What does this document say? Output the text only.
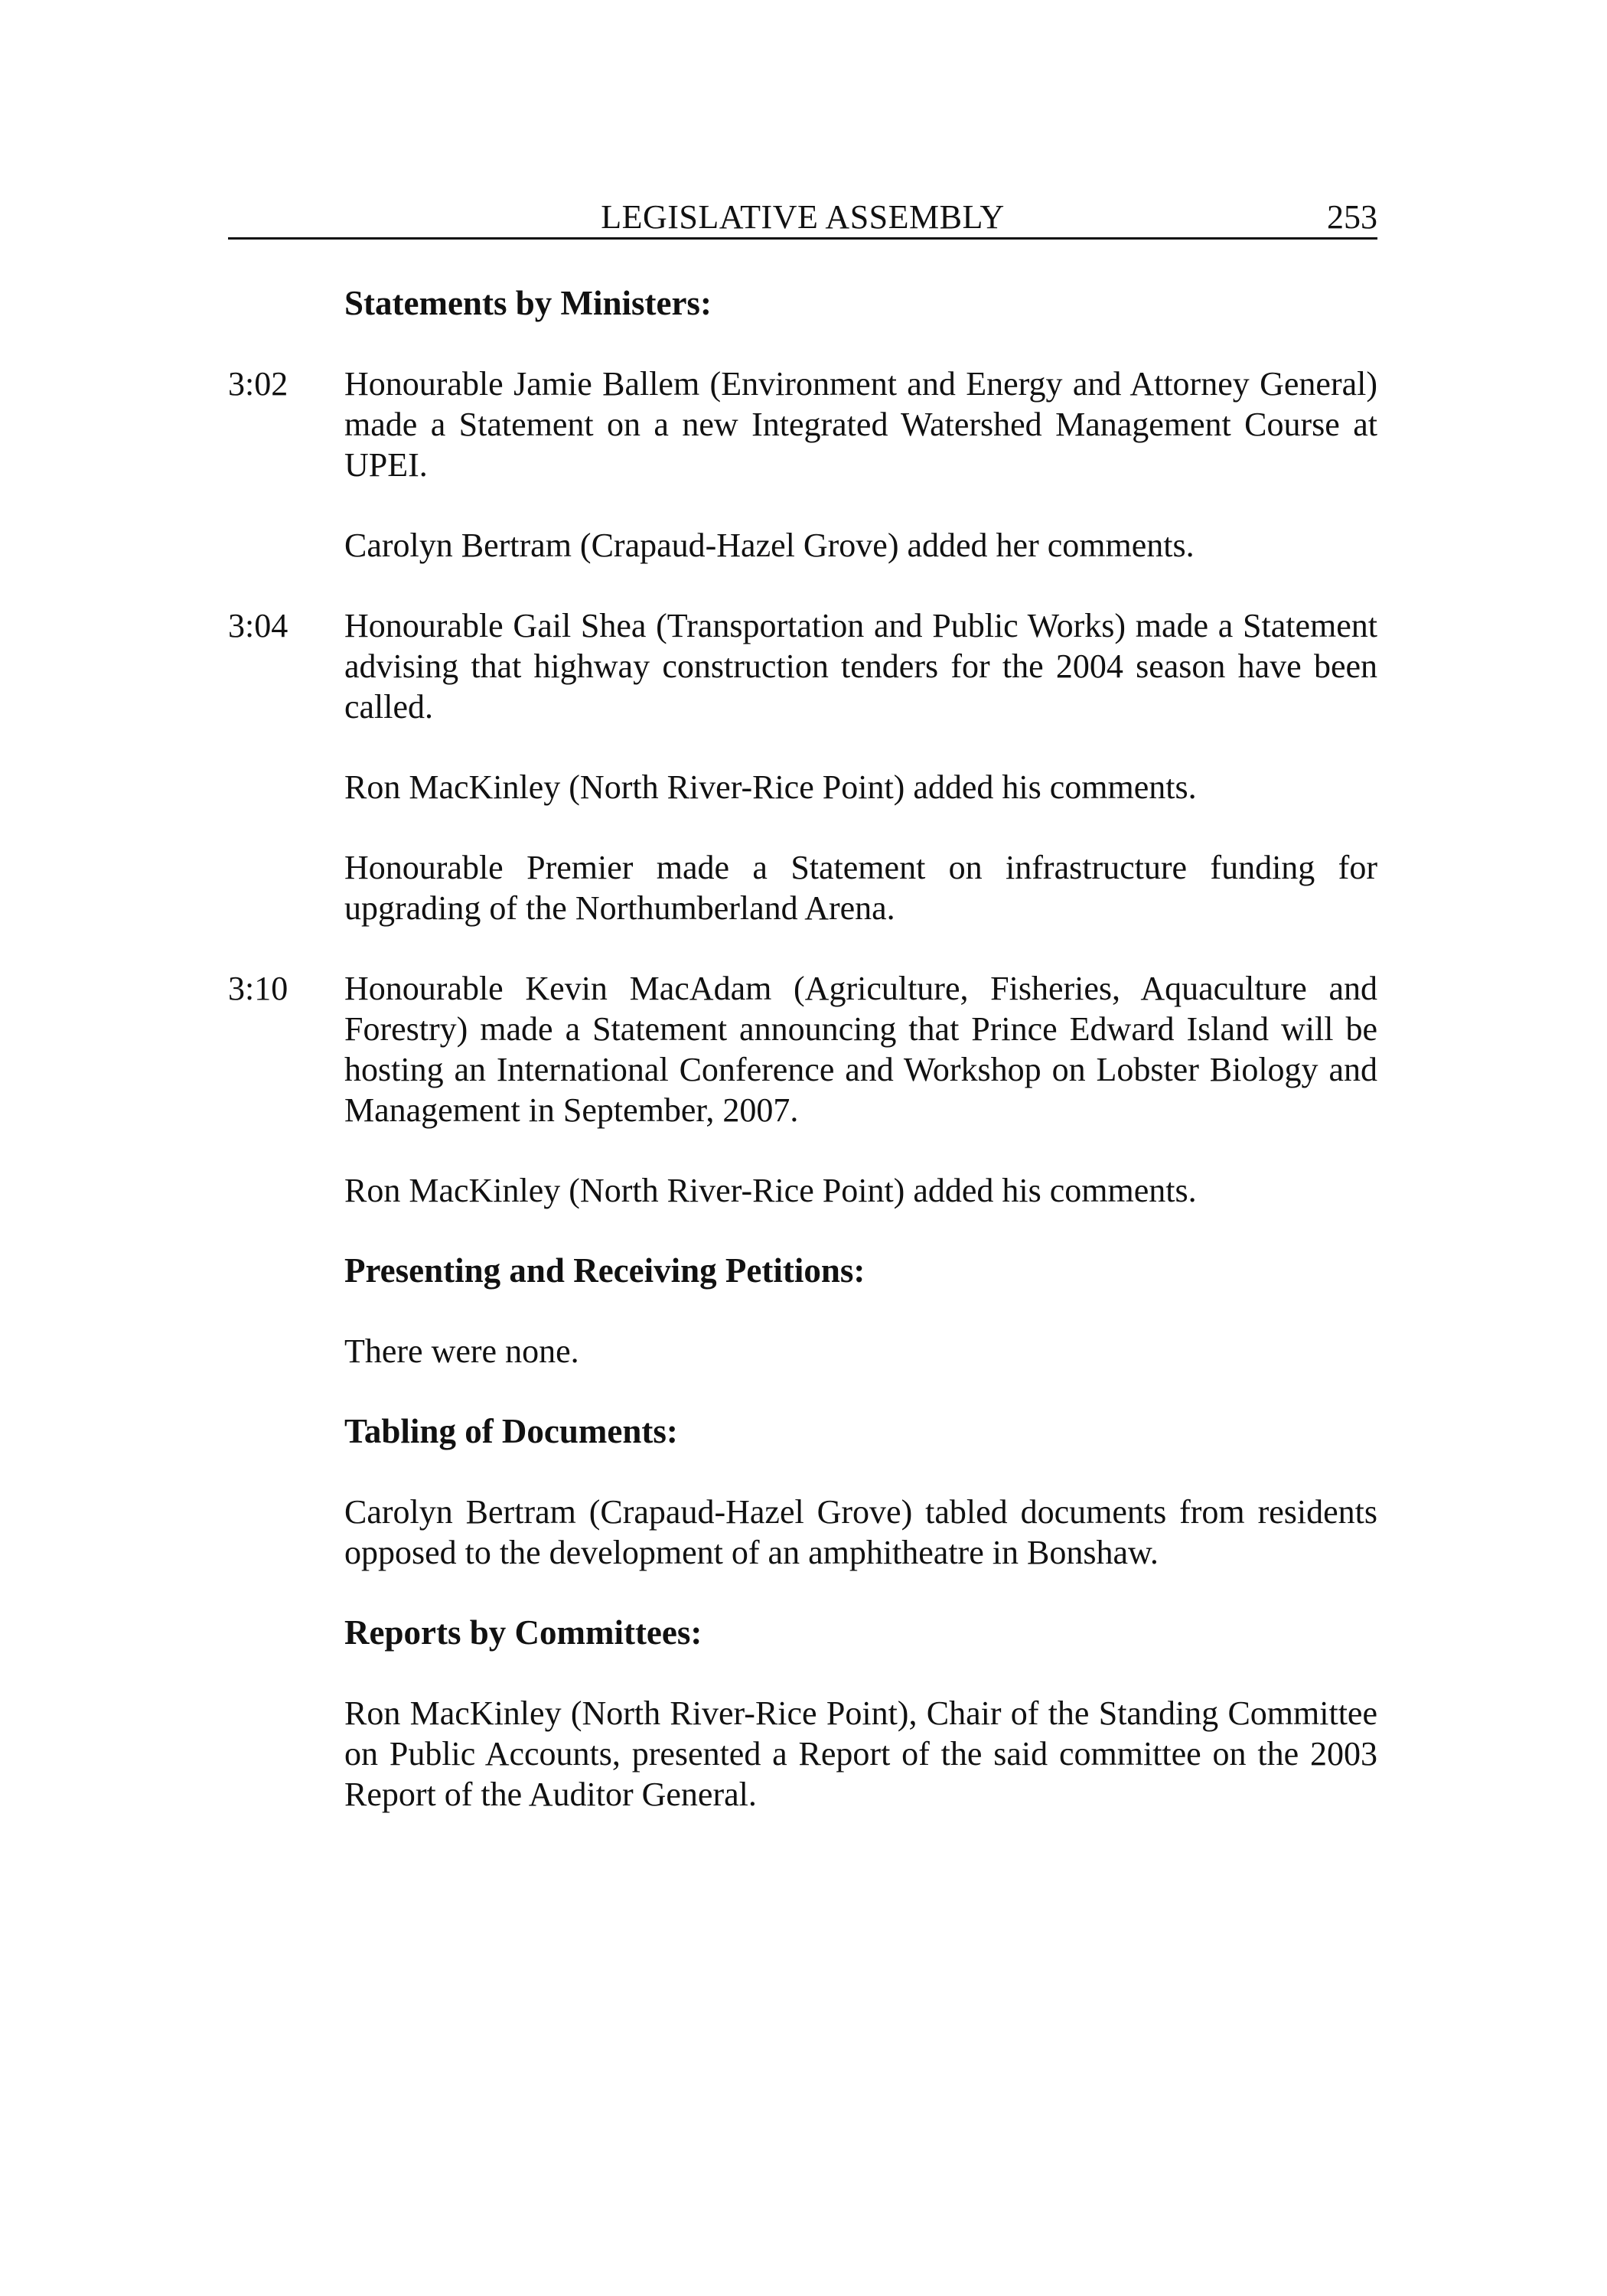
LEGISLATIVE ASSEMBLY	253

Statements by Ministers:

3:02 Honourable Jamie Ballem (Environment and Energy and Attorney General) made a Statement on a new Integrated Watershed Management Course at UPEI.

Carolyn Bertram (Crapaud-Hazel Grove) added her comments.

3:04 Honourable Gail Shea (Transportation and Public Works) made a Statement advising that highway construction tenders for the 2004 season have been called.

Ron MacKinley (North River-Rice Point) added his comments.

Honourable Premier made a Statement on infrastructure funding for upgrading of the Northumberland Arena.

3:10 Honourable Kevin MacAdam (Agriculture, Fisheries, Aquaculture and Forestry) made a Statement announcing that Prince Edward Island will be hosting an International Conference and Workshop on Lobster Biology and Management in September, 2007.

Ron MacKinley (North River-Rice Point) added his comments.

Presenting and Receiving Petitions:

There were none.

Tabling of Documents:

Carolyn Bertram (Crapaud-Hazel Grove) tabled documents from residents opposed to the development of an amphitheatre in Bonshaw.

Reports by Committees:

Ron MacKinley (North River-Rice Point), Chair of the Standing Committee on Public Accounts, presented a Report of the said committee on the 2003 Report of the Auditor General.
